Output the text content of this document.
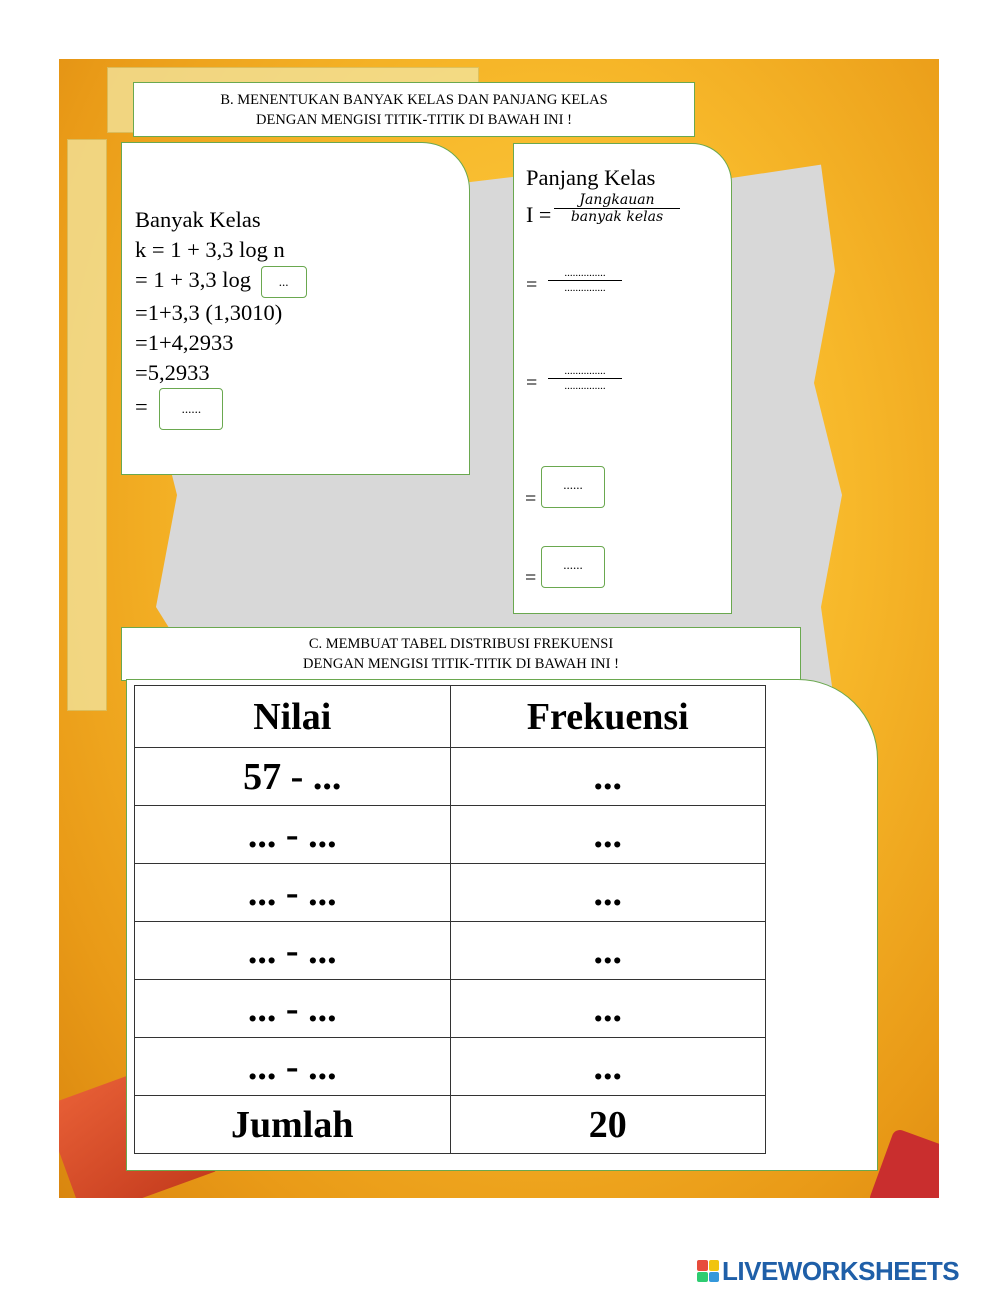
B. MENENTUKAN BANYAK KELAS DAN PANJANG KELAS
DENGAN MENGISI TITIK-TITIK DI BAWAH INI !
Banyak Kelas
k = 1 + 3,3 log n
= 1 + 3,3 log ...
=1+3,3 (1,3010)
=1+4,2933
=5,2933
=	......
Panjang Kelas
I =
Jangkauan
banyak kelas
=
...............
...............
=
...............
...............
=
......
=
......
C. MEMBUAT TABEL DISTRIBUSI FREKUENSI
DENGAN MENGISI TITIK-TITIK DI BAWAH INI !
Nilai	Frekuensi
57 - ...	...
... - ...	...
... - ...	...
... - ...	...
... - ...	...
... - ...	...
Jumlah	20
LIVEWORKSHEETS
